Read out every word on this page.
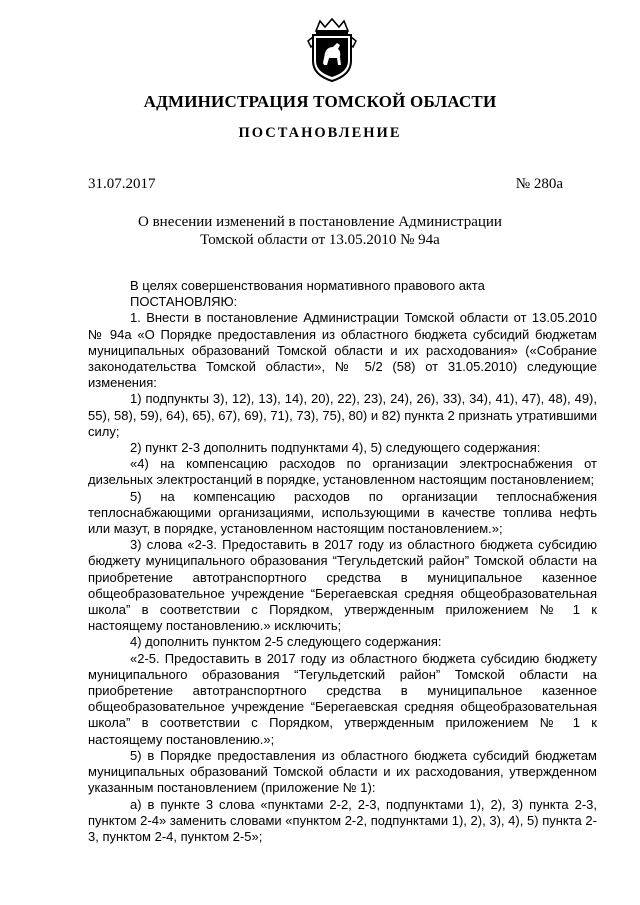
АДМИНИСТРАЦИЯ ТОМСКОЙ ОБЛАСТИ
ПОСТАНОВЛЕНИЕ
31.07.2017	№ 280а
О внесении изменений в постановление Администрации
Томской области от 13.05.2010 № 94а

В целях совершенствования нормативного правового акта

ПОСТАНОВЛЯЮ:

1. Внести в постановление Администрации Томской области от 13.05.2010 № 94а «О Порядке предоставления из областного бюджета субсидий бюджетам муниципальных образований Томской области и их расходования» («Собрание законодательства Томской области», № 5/2 (58) от 31.05.2010) следующие изменения:

1) подпункты 3), 12), 13), 14), 20), 22), 23), 24), 26), 33), 34), 41), 47), 48), 49), 55), 58), 59), 64), 65), 67), 69), 71), 73), 75), 80) и 82) пункта 2 признать утратившими силу;

2) пункт 2-3 дополнить подпунктами 4), 5) следующего содержания:

«4) на компенсацию расходов по организации электроснабжения от дизельных электростанций в порядке, установленном настоящим постановлением;

5) на компенсацию расходов по организации теплоснабжения теплоснабжающими организациями, использующими в качестве топлива нефть или мазут, в порядке, установленном настоящим постановлением.»;

3) слова «2-3. Предоставить в 2017 году из областного бюджета субсидию бюджету муниципального образования “Тегульдетский район” Томской области на приобретение автотранспортного средства в муниципальное казенное общеобразовательное учреждение “Берегаевская средняя общеобразовательная школа” в соответствии с Порядком, утвержденным приложением № 1 к настоящему постановлению.» исключить;

4) дополнить пунктом 2-5 следующего содержания:

«2-5. Предоставить в 2017 году из областного бюджета субсидию бюджету муниципального образования “Тегульдетский район” Томской области на приобретение автотранспортного средства в муниципальное казенное общеобразовательное учреждение “Берегаевская средняя общеобразовательная школа” в соответствии с Порядком, утвержденным приложением № 1 к настоящему постановлению.»;

5) в Порядке предоставления из областного бюджета субсидий бюджетам муниципальных образований Томской области и их расходования, утвержденном указанным постановлением (приложение № 1):

а) в пункте 3 слова «пунктами 2-2, 2-3, подпунктами 1), 2), 3) пункта 2-3, пунктом 2-4» заменить словами «пунктом 2-2, подпунктами 1), 2), 3), 4), 5) пункта 2-3, пунктом 2-4, пунктом 2-5»;
